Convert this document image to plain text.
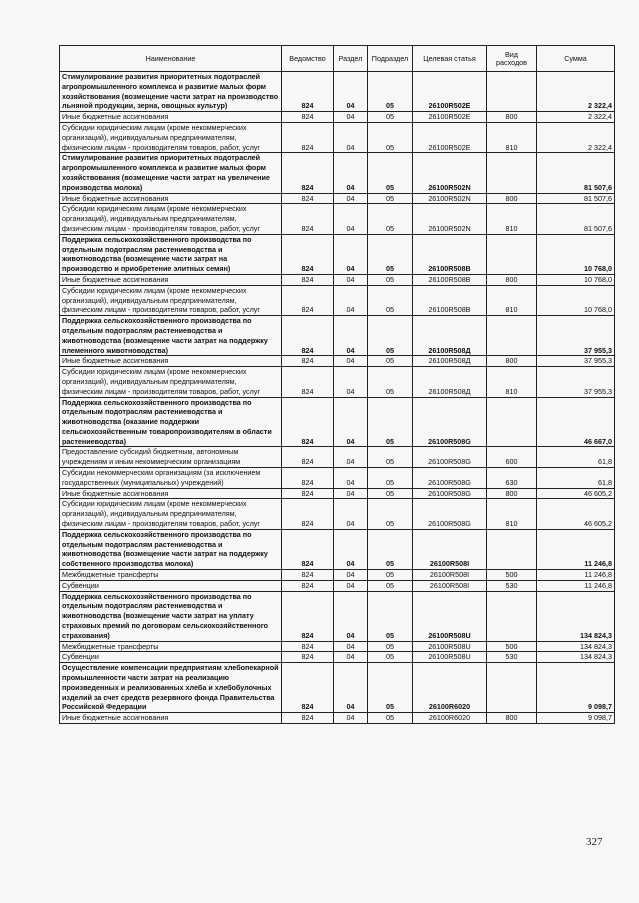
Наименование	Ведомство	Раздел	Подраздел	Целевая статья	Вид расходов	Сумма
Стимулирование развития приоритетных подотраслей агропромышленного комплекса и развитие малых форм хозяйствования (возмещение части затрат на производство льняной продукции, зерна, овощных культур)	824	04	05	26100R502E		2 322,4
Иные бюджетные ассигнования	824	04	05	26100R502E	800	2 322,4
Субсидии юридическим лицам (кроме некоммерческих организаций), индивидуальным предпринимателям, физическим лицам - производителям товаров, работ, услуг	824	04	05	26100R502E	810	2 322,4
Стимулирование развития приоритетных подотраслей агропромышленного комплекса и развитие малых форм хозяйствования (возмещение части затрат на увеличение производства молока)	824	04	05	26100R502N		81 507,6
Иные бюджетные ассигнования	824	04	05	26100R502N	800	81 507,6
Субсидии юридическим лицам (кроме некоммерческих организаций), индивидуальным предпринимателям, физическим лицам - производителям товаров, работ, услуг	824	04	05	26100R502N	810	81 507,6
Поддержка сельскохозяйственного производства по отдельным подотраслям растениеводства и животноводства (возмещение части затрат на производство и приобретение элитных семян)	824	04	05	26100R508B		10 768,0
Иные бюджетные ассигнования	824	04	05	26100R508B	800	10 768,0
Субсидии юридическим лицам (кроме некоммерческих организаций), индивидуальным предпринимателям, физическим лицам - производителям товаров, работ, услуг	824	04	05	26100R508B	810	10 768,0
Поддержка сельскохозяйственного производства по отдельным подотраслям растениеводства и животноводства (возмещение части затрат на поддержку племенного животноводства)	824	04	05	26100R508Д		37 955,3
Иные бюджетные ассигнования	824	04	05	26100R508Д	800	37 955,3
Субсидии юридическим лицам (кроме некоммерческих организаций), индивидуальным предпринимателям, физическим лицам - производителям товаров, работ, услуг	824	04	05	26100R508Д	810	37 955,3
Поддержка сельскохозяйственного производства по отдельным подотраслям растениеводства и животноводства (оказание поддержки сельскохозяйственным товаропроизводителям в области растениеводства)	824	04	05	26100R508G		46 667,0
Предоставление субсидий бюджетным, автономным учреждениям и иным некоммерческим организациям	824	04	05	26100R508G	600	61,8
Субсидии некоммерческим организациям (за исключением государственных (муниципальных) учреждений)	824	04	05	26100R508G	630	61,8
Иные бюджетные ассигнования	824	04	05	26100R508G	800	46 605,2
Субсидии юридическим лицам (кроме некоммерческих организаций), индивидуальным предпринимателям, физическим лицам - производителям товаров, работ, услуг	824	04	05	26100R508G	810	46 605,2
Поддержка сельскохозяйственного производства по отдельным подотраслям растениеводства и животноводства (возмещение части затрат на поддержку собственного производства молока)	824	04	05	26100R508I		11 246,8
Межбюджетные трансферты	824	04	05	26100R508I	500	11 246,8
Субвенции	824	04	05	26100R508I	530	11 246,8
Поддержка сельскохозяйственного производства по отдельным подотраслям растениеводства и животноводства (возмещение части затрат на уплату страховых премий по договорам сельскохозяйственного страхования)	824	04	05	26100R508U		134 824,3
Межбюджетные трансферты	824	04	05	26100R508U	500	134 824,3
Субвенции	824	04	05	26100R508U	530	134 824,3
Осуществление компенсации предприятиям хлебопекарной промышленности части затрат на реализацию произведенных и реализованных хлеба и хлебобулочных изделий за счет средств резервного фонда Правительства Российской Федерации	824	04	05	26100R6020		9 098,7
Иные бюджетные ассигнования	824	04	05	26100R6020	800	9 098,7
327
